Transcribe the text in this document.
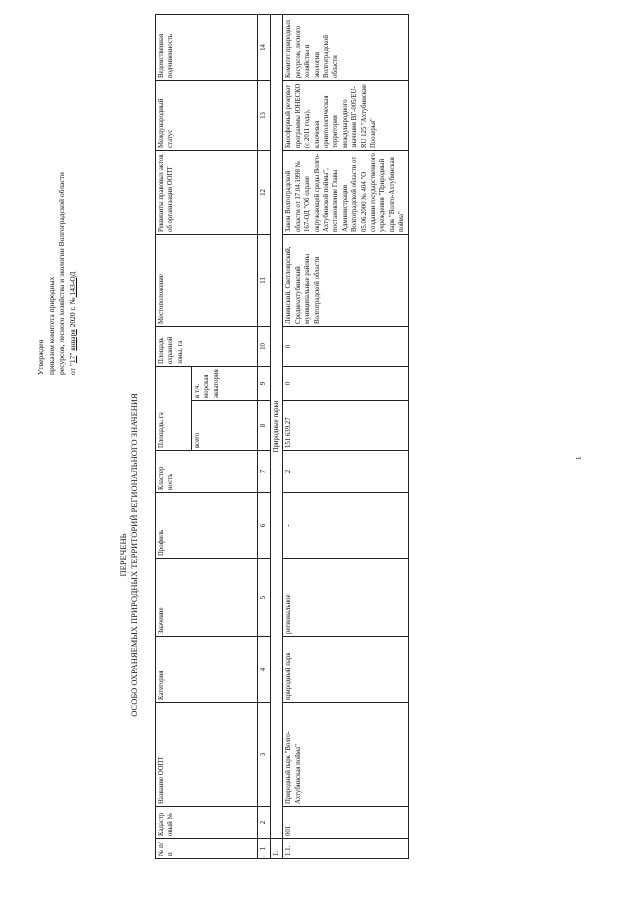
Утвержден приказом комитета природных ресурсов, лесного хозяйства и экологии Волгоградской области от "17" января 2020 г. № 143-ОД
ПЕРЕЧЕНЬ ОСОБО ОХРАНЯЕМЫХ ПРИРОДНЫХ ТЕРРИТОРИЙ РЕГИОНАЛЬНОГО ЗНАЧЕНИЯ
№ п/п	Кадастр овый №	Название ООПТ	Категория	Значение	Профиль	Кластер ность	Площадь, га		Площадь охранной зоны, га	Местоположение	Реквизиты правовых актов об организации ООПТ	Международный статус	Ведомственная подчиненность
							всего	в т.ч. морская акватория					
1	2	3	4	5	6	7	8	9	10	11	12	13	14
1.	Природные парки												
1.1.	001	Природный парк "Волго-Ахтубинская пойма"	природный парк	региональное	-	2	151 639,27	0	0	Ленинский, Светлоярский, Среднеахтубинский муниципальные районы Волгоградской области	Закон Волгоградской области от 17.04.1998 № 167-ОД "Об охране окружающей среды Волго-Ахтубинской поймы", постановление Главы Администрации Волгоградской области от 05.06.2000 № 404 "О создании государственного учреждения "Природный парк "Волго-Ахтубинская пойма"	Биосферный резерват программы ЮНЕСКО (с 2011 года), ключевая орнитологическая территория международного значения ВГ-005/ЕU-RU 125 "Ахтубинские Поозерья"	Комитет природных ресурсов, лесного хозяйства и экологии Волгоградской области
1
